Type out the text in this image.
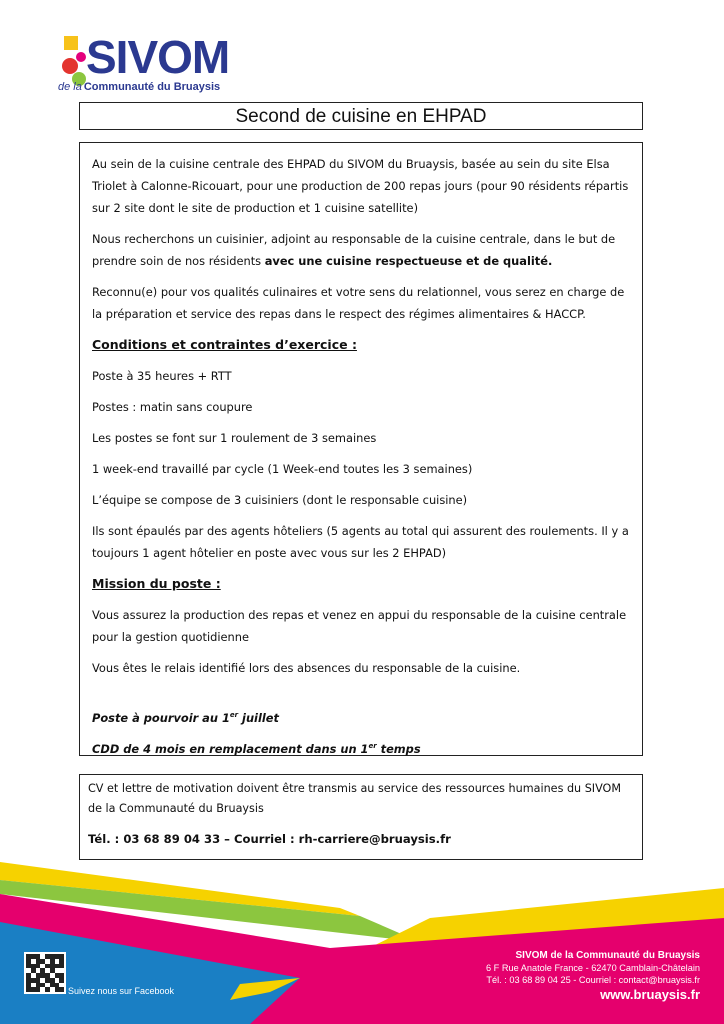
SIVOM
de la Communauté du Bruaysis
Second de cuisine en EHPAD

Au sein de la cuisine centrale des EHPAD du SIVOM du Bruaysis, basée au sein du site Elsa Triolet à Calonne-Ricouart, pour une production de 200 repas jours (pour 90 résidents répartis sur 2 site dont le site de production et 1 cuisine satellite)

Nous recherchons un cuisinier, adjoint au responsable de la cuisine centrale, dans le but de prendre soin de nos résidents avec une cuisine respectueuse et de qualité.

Reconnu(e) pour vos qualités culinaires et votre sens du relationnel, vous serez en charge de la préparation et service des repas dans le respect des régimes alimentaires & HACCP.

Conditions et contraintes d’exercice :

Poste à 35 heures + RTT

Postes : matin sans coupure

Les postes se font sur 1 roulement de 3 semaines

1 week-end travaillé par cycle (1 Week-end toutes les 3 semaines)

L’équipe se compose de 3 cuisiniers (dont le responsable cuisine)

Ils sont épaulés par des agents hôteliers (5 agents au total qui assurent des roulements. Il y a toujours 1 agent hôtelier en poste avec vous sur les 2 EHPAD)

Mission du poste :

Vous assurez la production des repas et venez en appui du responsable de la cuisine centrale pour la gestion quotidienne

Vous êtes le relais identifié lors des absences du responsable de la cuisine.

Poste à pourvoir au 1er juillet

CDD de 4 mois en remplacement dans un 1er temps

CV et lettre de motivation doivent être transmis au service des ressources humaines du SIVOM de la Communauté du Bruaysis

Tél. : 03 68 89 04 33 – Courriel : rh-carriere@bruaysis.fr

Suivez nous sur Facebook
SIVOM de la Communauté du Bruaysis
6 F Rue Anatole France - 62470 Camblain-Châtelain
Tél. : 03 68 89 04 25 - Courriel : contact@bruaysis.fr
www.bruaysis.fr
